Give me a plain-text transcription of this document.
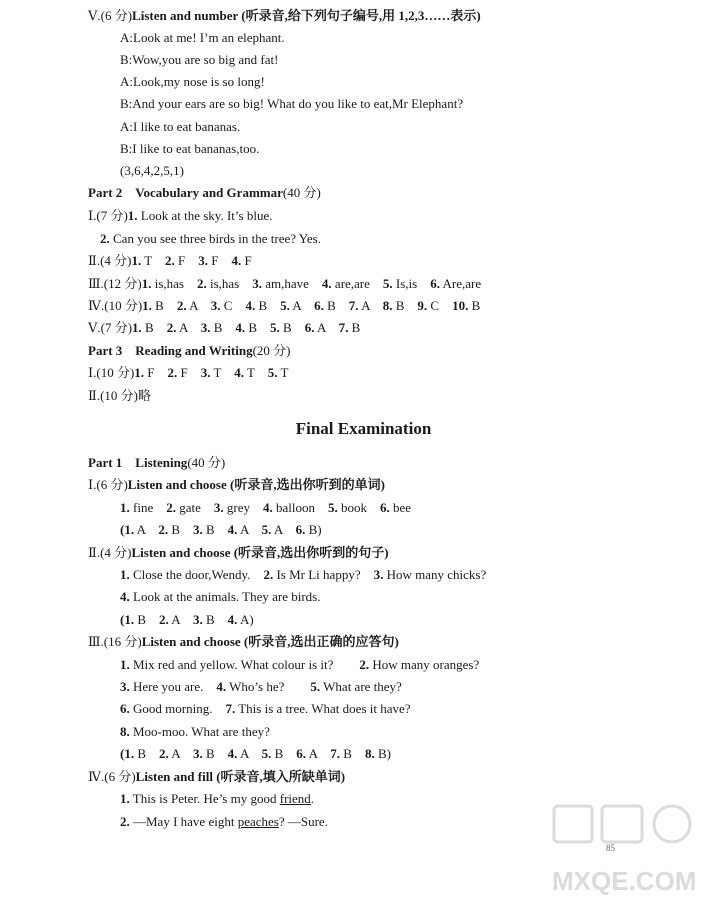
Ⅴ.(6 分)Listen and number (听录音,给下列句子编号,用 1,2,3……表示)
A:Look at me! I’m an elephant.
B:Wow,you are so big and fat!
A:Look,my nose is so long!
B:And your ears are so big! What do you like to eat,Mr Elephant?
A:I like to eat bananas.
B:I like to eat bananas,too.
(3,6,4,2,5,1)
Part 2　Vocabulary and Grammar(40 分)
Ⅰ.(7 分)1. Look at the sky. It’s blue.
2. Can you see three birds in the tree? Yes.
Ⅱ.(4 分)1. T　2. F　3. F　4. F
Ⅲ.(12 分)1. is,has　2. is,has　3. am,have　4. are,are　5. Is,is　6. Are,are
Ⅳ.(10 分)1. B　2. A　3. C　4. B　5. A　6. B　7. A　8. B　9. C　10. B
Ⅴ.(7 分)1. B　2. A　3. B　4. B　5. B　6. A　7. B
Part 3　Reading and Writing(20 分)
Ⅰ.(10 分)1. F　2. F　3. T　4. T　5. T
Ⅱ.(10 分)略
Part 1　Listening(40 分)
Ⅰ.(6 分)Listen and choose (听录音,选出你听到的单词)
1. fine　2. gate　3. grey　4. balloon　5. book　6. bee
(1. A　2. B　3. B　4. A　5. A　6. B)
Ⅱ.(4 分)Listen and choose (听录音,选出你听到的句子)
1. Close the door,Wendy.　2. Is Mr Li happy?　3. How many chicks?
4. Look at the animals. They are birds.
(1. B　2. A　3. B　4. A)
Ⅲ.(16 分)Listen and choose (听录音,选出正确的应答句)
1. Mix red and yellow. What colour is it?　　2. How many oranges?
3. Here you are.　4. Who’s he?　　5. What are they?
6. Good morning.　7. This is a tree. What does it have?
8. Moo-moo. What are they?
(1. B　2. A　3. B　4. A　5. B　6. A　7. B　8. B)
Ⅳ.(6 分)Listen and fill (听录音,填入所缺单词)
1. This is Peter. He’s my good friend.
2. —May I have eight peaches? —Sure.
Final Examination
85
MXQE.COM
